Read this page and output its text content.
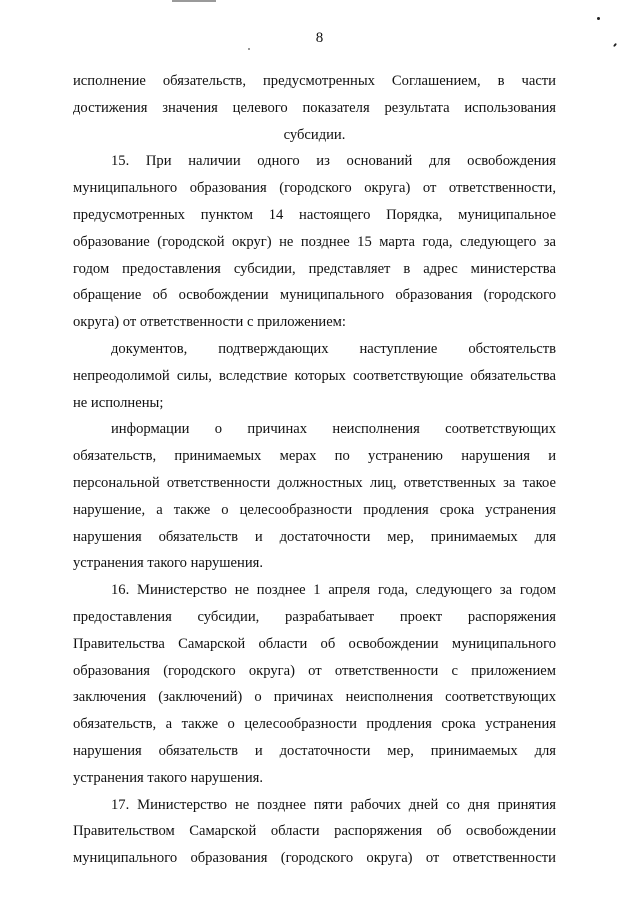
8
исполнение обязательств, предусмотренных Соглашением, в части
достижения значения целевого показателя результата использования
субсидии.
15. При наличии одного из оснований для освобождения
муниципального образования (городского округа) от ответственности,
предусмотренных пунктом 14 настоящего Порядка, муниципальное
образование (городской округ) не позднее 15 марта года, следующего за
годом предоставления субсидии, представляет в адрес министерства
обращение об освобождении муниципального образования (городского
округа) от ответственности с приложением:
документов, подтверждающих наступление обстоятельств
непреодолимой силы, вследствие которых соответствующие обязательства
не исполнены;
информации о причинах неисполнения соответствующих
обязательств, принимаемых мерах по устранению нарушения и
персональной ответственности должностных лиц, ответственных за такое
нарушение, а также о целесообразности продления срока устранения
нарушения обязательств и достаточности мер, принимаемых для
устранения такого нарушения.
16. Министерство не позднее 1 апреля года, следующего за годом
предоставления субсидии, разрабатывает проект распоряжения
Правительства Самарской области об освобождении муниципального
образования (городского округа) от ответственности с приложением
заключения (заключений) о причинах неисполнения соответствующих
обязательств, а также о целесообразности продления срока устранения
нарушения обязательств и достаточности мер, принимаемых для
устранения такого нарушения.
17. Министерство не позднее пяти рабочих дней со дня принятия
Правительством Самарской области распоряжения об освобождении
муниципального образования (городского округа) от ответственности
